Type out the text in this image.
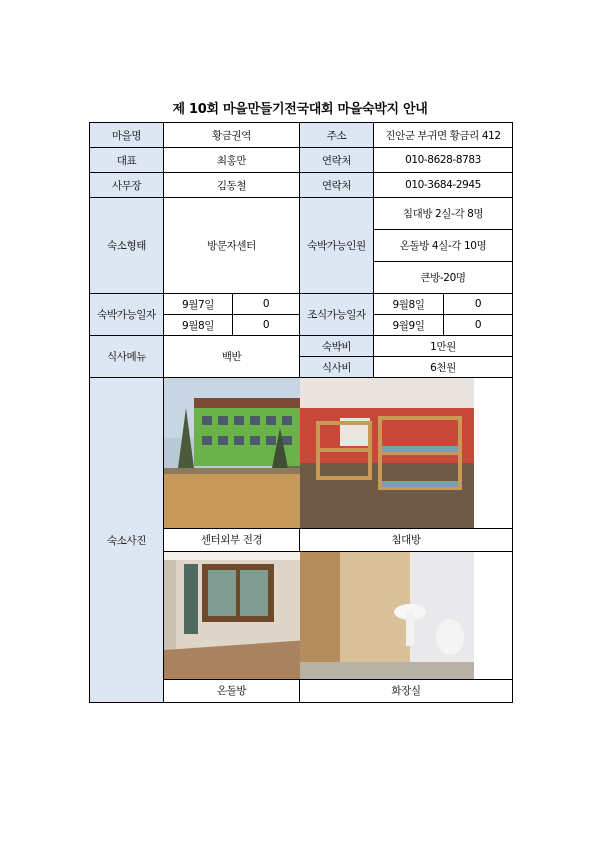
제 10회 마을만들기전국대회 마을숙박지 안내
마을명	황금권역		주소	진안군 부귀면 황금리 412	
대표	최홍만		연락처	010-8628-8783	
사무장	김동철		연락처	010-3684-2945	
숙소형태	방문자센터		숙박가능인원	침대방 2실-각 8명	
				온돌방 4실-각 10명	
				큰방-20명	
숙박가능일자	9월7일	0	조식가능일자	9월8일	0
	9월8일	0		9월9일	0
식사메뉴	백반		숙박비	1만원	
			식사비	6천원	
숙소사진	

	센터외부 전경		침대방		

	온돌방		화장실		
